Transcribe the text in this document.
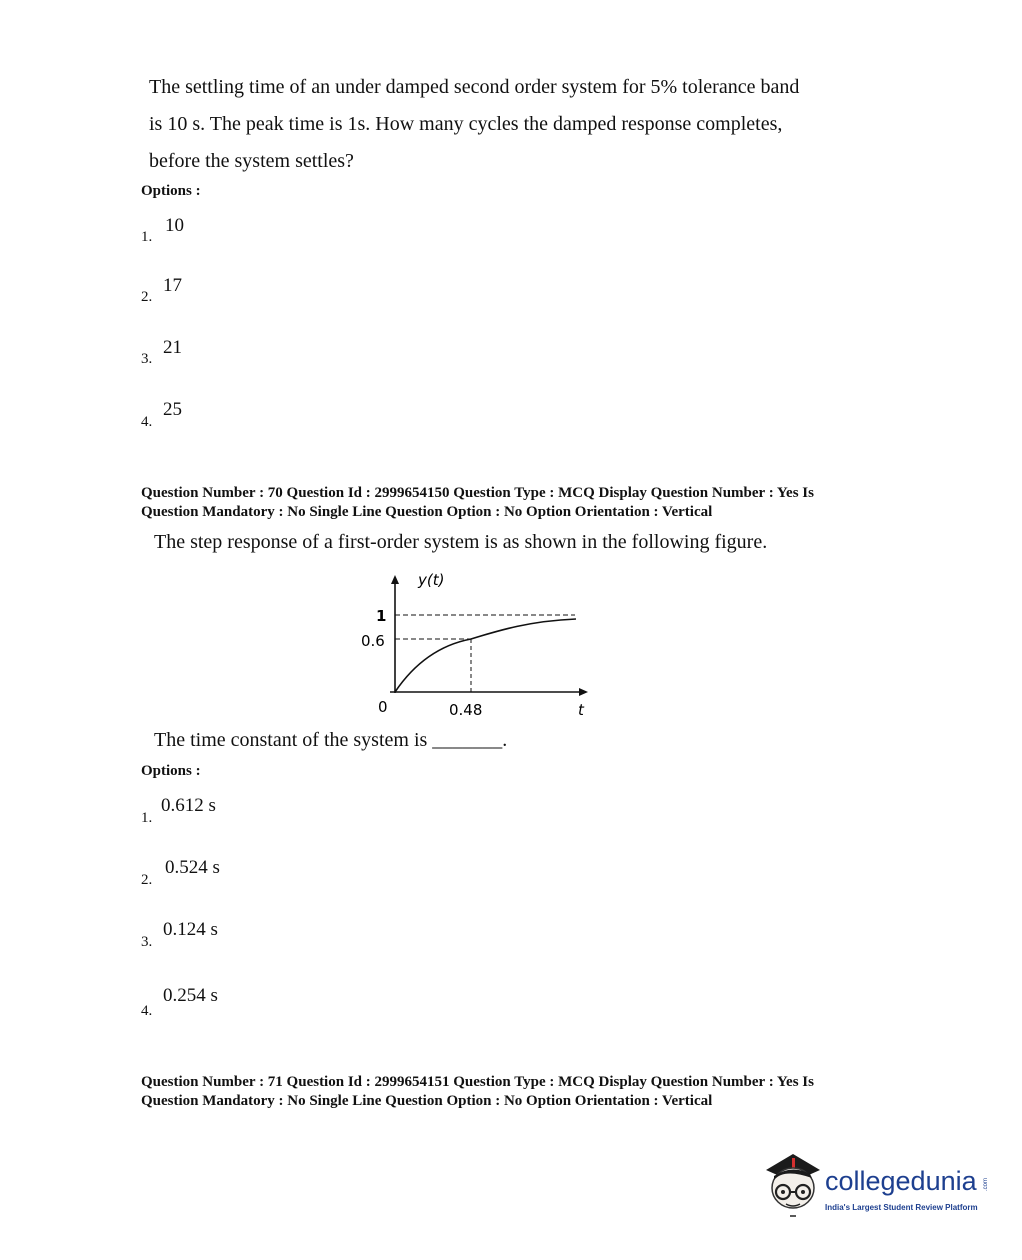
The settling time of an under damped second order system for 5% tolerance band
is 10 s. The peak time is 1s. How many cycles the damped response completes,
before the system settles?
Options :
1.
10
2.
17
3.
21
4.
25
Question Number : 70 Question Id : 2999654150 Question Type : MCQ Display Question Number : Yes Is
Question Mandatory : No Single Line Question Option : No Option Orientation : Vertical
The step response of a first-order system is as shown in the following figure.
y(t)
1
0.6
0	0.48	t
The time constant of the system is _______.
Options :
1.
0.612 s
2.
0.524 s
3.
0.124 s
4.
0.254 s
Question Number : 71 Question Id : 2999654151 Question Type : MCQ Display Question Number : Yes Is
Question Mandatory : No Single Line Question Option : No Option Orientation : Vertical
collegedunia .com
India's Largest Student Review Platform
